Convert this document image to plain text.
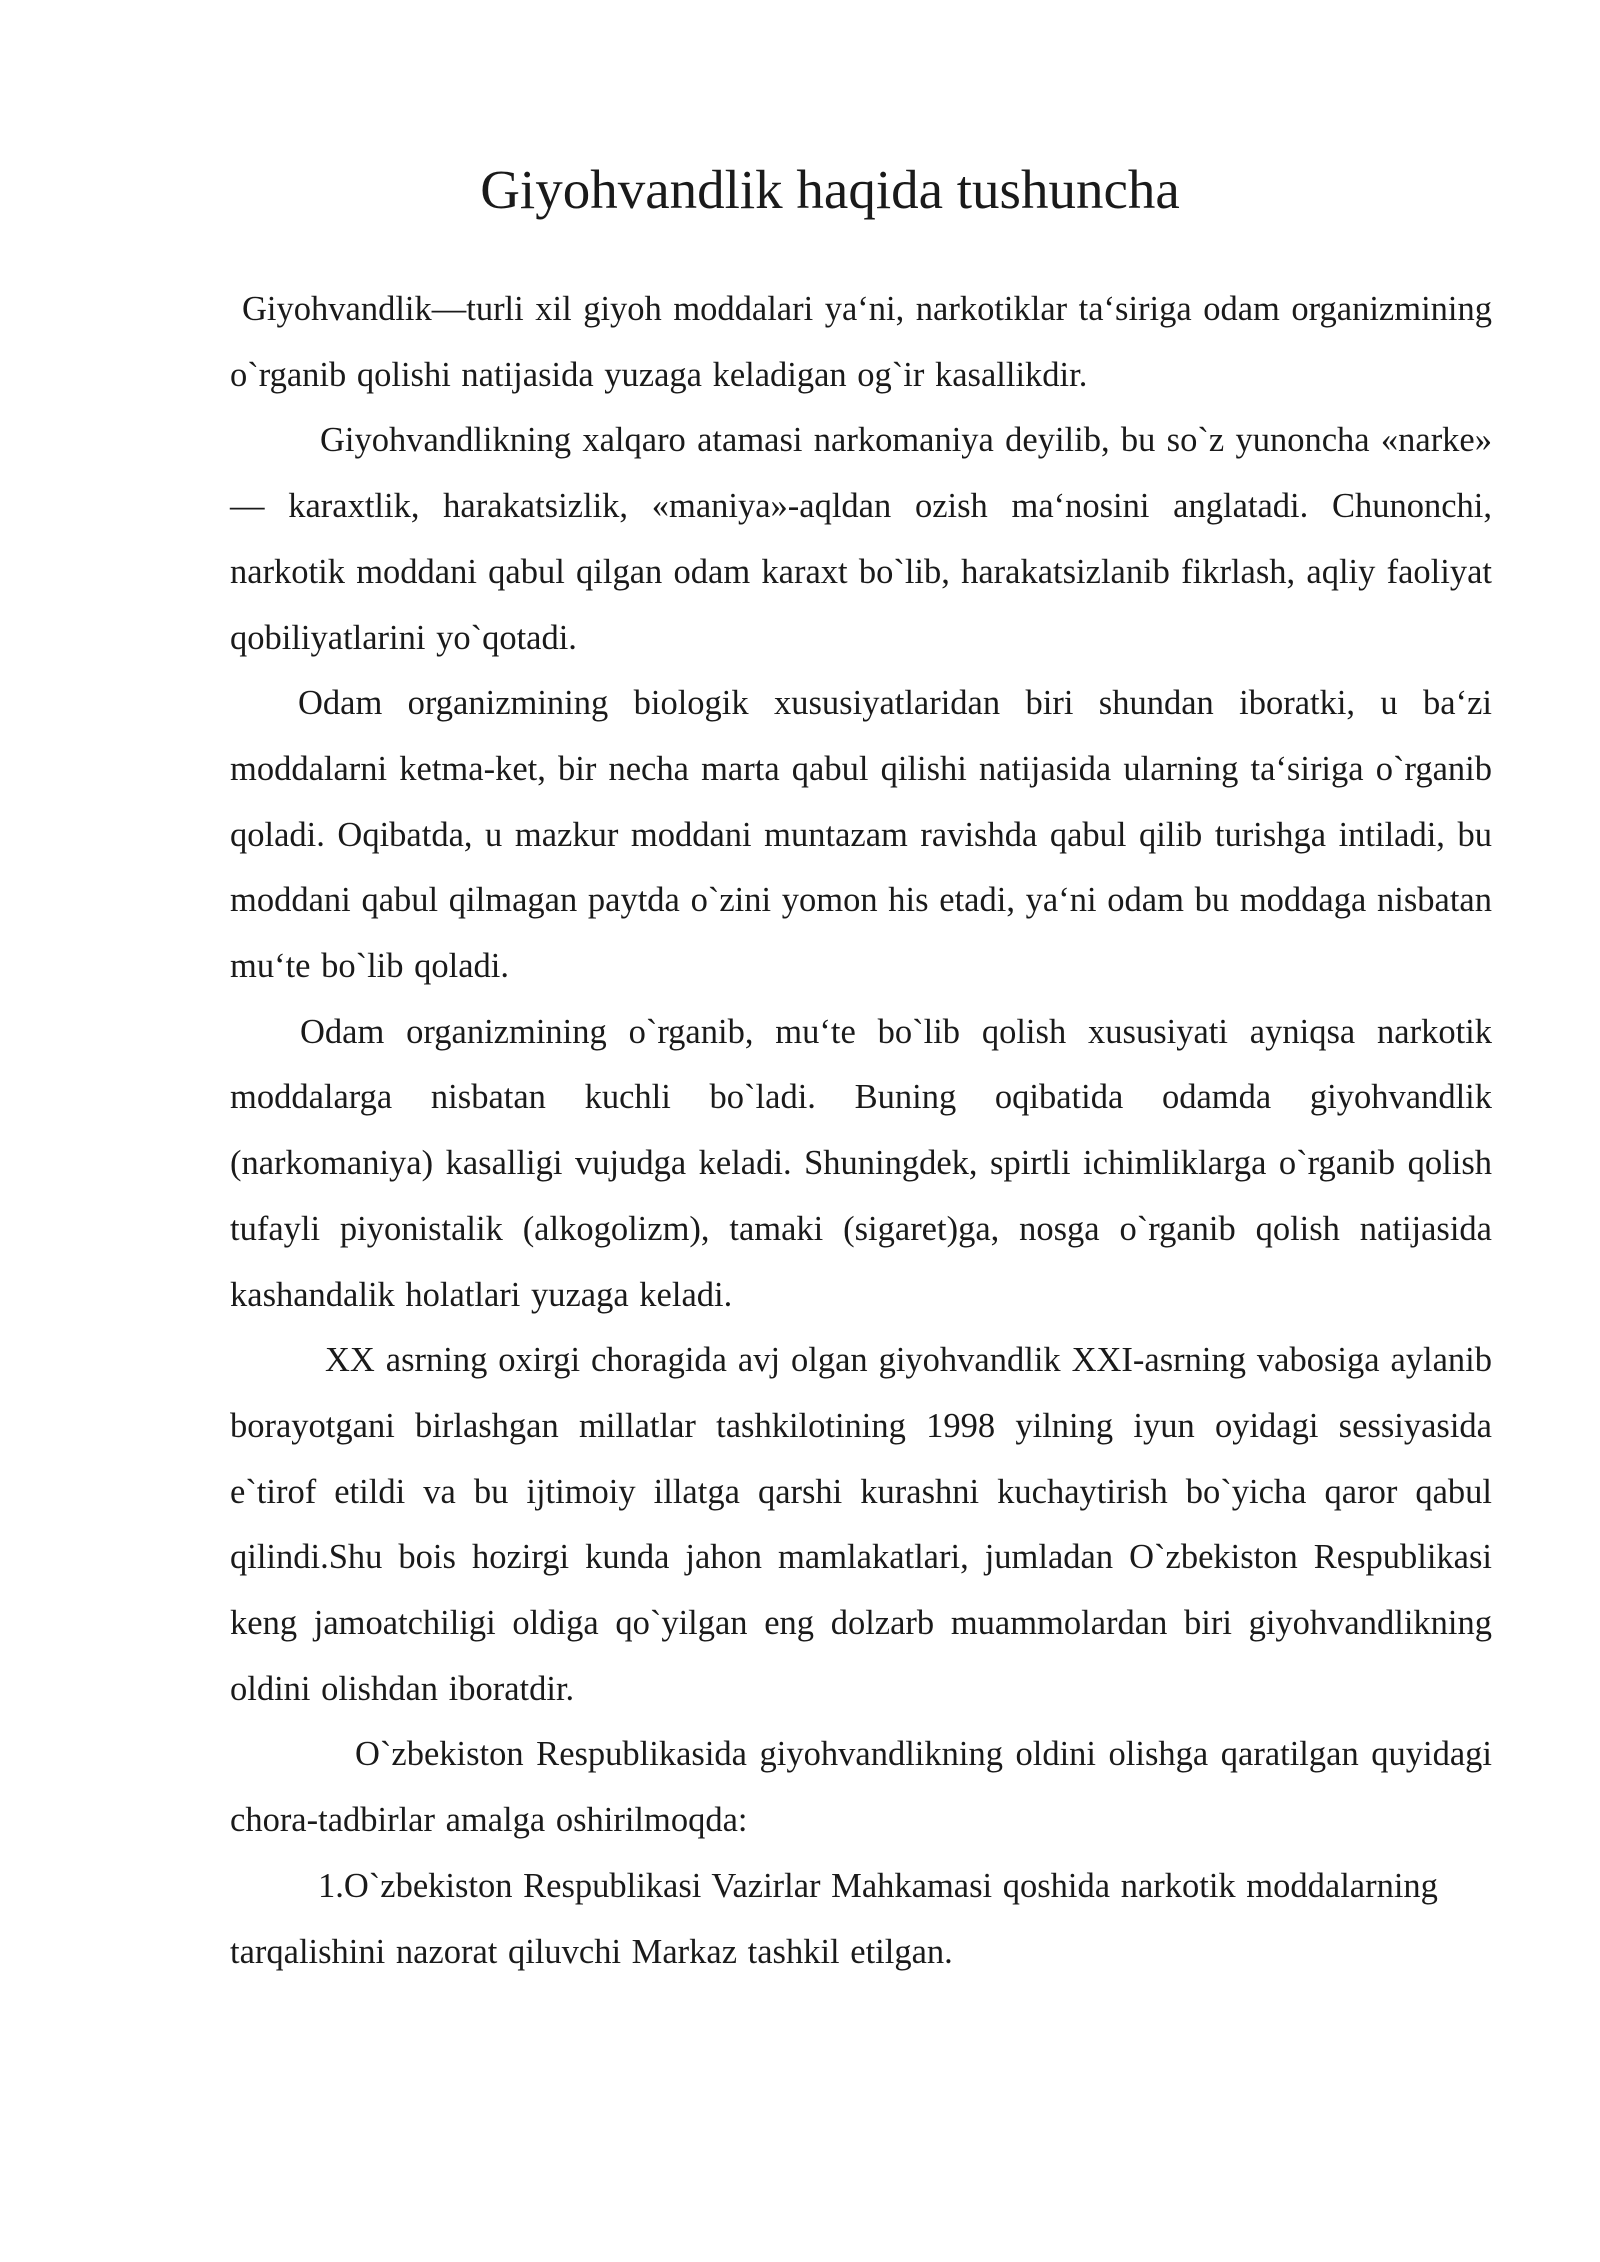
Giyohvandlik haqida tushuncha

Giyohvandlik—turli xil giyoh moddalari ya‘ni, narkotiklar ta‘siriga odam organizmining o`rganib qolishi natijasida yuzaga keladigan og`ir kasallikdir.

Giyohvandlikning xalqaro atamasi narkomaniya deyilib, bu so`z yunoncha «narke» — karaxtlik, harakatsizlik, «maniya»-aqldan ozish ma‘nosini anglatadi. Chunonchi, narkotik moddani qabul qilgan odam karaxt bo`lib, harakatsizlanib fikrlash, aqliy faoliyat qobiliyatlarini yo`qotadi.

Odam organizmining biologik xususiyatlaridan biri shundan iboratki, u ba‘zi moddalarni ketma-ket, bir necha marta qabul qilishi natijasida ularning ta‘siriga o`rganib qoladi. Oqibatda, u mazkur moddani muntazam ravishda qabul qilib turishga intiladi, bu moddani qabul qilmagan paytda o`zini yomon his etadi, ya‘ni odam bu moddaga nisbatan mu‘te bo`lib qoladi.

Odam organizmining o`rganib, mu‘te bo`lib qolish xususiyati ayniqsa narkotik moddalarga nisbatan kuchli bo`ladi. Buning oqibatida odamda giyohvandlik (narkomaniya) kasalligi vujudga keladi. Shuningdek, spirtli ichimliklarga o`rganib qolish tufayli piyonistalik (alkogolizm), tamaki (sigaret)ga, nosga o`rganib qolish natijasida kashandalik holatlari yuzaga keladi.

XX asrning oxirgi choragida avj olgan giyohvandlik XXI-asrning vabosiga aylanib borayotgani birlashgan millatlar tashkilotining 1998 yilning iyun oyidagi sessiyasida e`tirof etildi va bu ijtimoiy illatga qarshi kurashni kuchaytirish bo`yicha qaror qabul qilindi.Shu bois hozirgi kunda jahon mamlakatlari, jumladan O`zbekiston Respublikasi keng jamoatchiligi oldiga qo`yilgan eng dolzarb muammolardan biri giyohvandlikning oldini olishdan iboratdir.

O`zbekiston Respublikasida giyohvandlikning oldini olishga qaratilgan quyidagi chora-tadbirlar amalga oshirilmoqda:

1.O`zbekiston Respublikasi Vazirlar Mahkamasi qoshida narkotik moddalarning tarqalishini nazorat qiluvchi Markaz tashkil etilgan.
